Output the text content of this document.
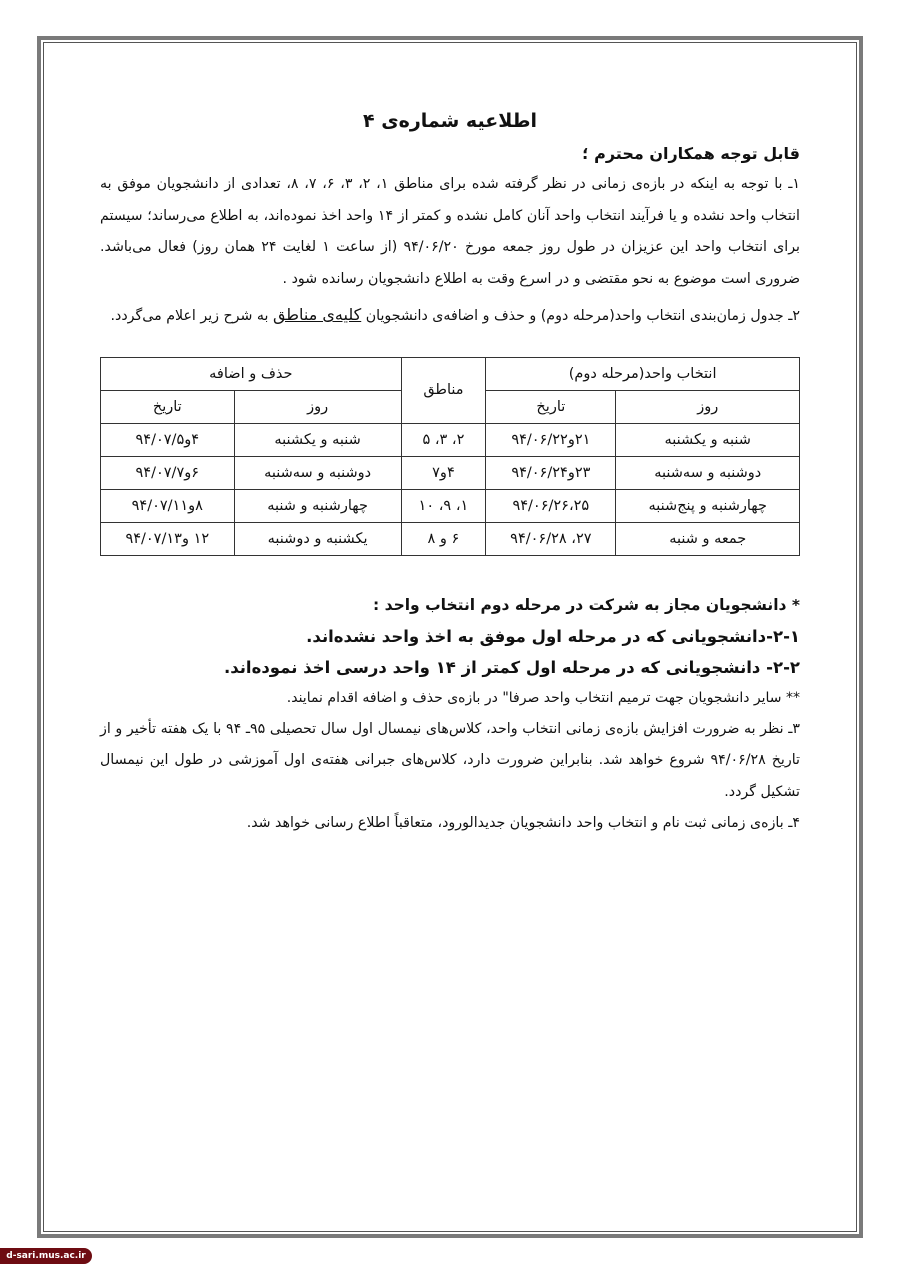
اطلاعیه شماره‌ی ۴

قابل توجه همکاران محترم ؛

۱ـ با توجه به اینکه در بازه‌ی زمانی در نظر گرفته شده برای مناطق ۱، ۲، ۳، ۶، ۷، ۸، تعدادی از دانشجویان موفق به انتخاب واحد نشده و یا فرآیند انتخاب واحد آنان کامل نشده و کمتر از ۱۴ واحد اخذ نموده‌اند، به اطلاع می‌رساند؛ سیستم برای انتخاب واحد این عزیزان در طول روز جمعه مورخ ۹۴/۰۶/۲۰ (از ساعت ۱ لغایت ۲۴ همان روز) فعال می‌باشد. ضروری است موضوع به نحو مقتضی و در اسرع وقت به اطلاع دانشجویان رسانده شود .

۲ـ جدول زمان‌بندی انتخاب واحد(مرحله دوم) و حذف و اضافه‌ی دانشجویان کلیه‌ی مناطق به شرح زیر اعلام می‌گردد.

انتخاب واحد(مرحله دوم)		مناطق	حذف و اضافه	
روز	تاریخ		روز	تاریخ
شنبه و یکشنبه	۲۱و۹۴/۰۶/۲۲	۲، ۳، ۵	شنبه و یکشنبه	۴و۹۴/۰۷/۵
دوشنبه و سه‌شنبه	۲۳و۹۴/۰۶/۲۴	۴و۷	دوشنبه و سه‌شنبه	۶و۹۴/۰۷/۷
چهارشنبه و پنج‌شنبه	۹۴/۰۶/۲۶،۲۵	۱، ۹، ۱۰	چهارشنبه و شنبه	۸و۹۴/۰۷/۱۱
جمعه و شنبه	۲۷، ۹۴/۰۶/۲۸	۶ و ۸	یکشنبه و دوشنبه	۱۲ و۹۴/۰۷/۱۳

* دانشجویان مجاز به شرکت در مرحله دوم انتخاب واحد :

۲-۱-دانشجویانی که در مرحله اول موفق به اخذ واحد نشده‌اند.

۲-۲- دانشجویانی که در مرحله اول کمتر از ۱۴ واحد درسی اخذ نموده‌اند.

** سایر دانشجویان جهت ترمیم انتخاب واحد صرفا" در بازه‌ی حذف و اضافه اقدام نمایند.

۳ـ نظر به ضرورت افزایش بازه‌ی زمانی انتخاب واحد، کلاس‌های نیمسال اول سال تحصیلی ۹۵ـ ۹۴ با یک هفته تأخیر و از تاریخ ۹۴/۰۶/۲۸ شروع خواهد شد. بنابراین ضرورت دارد، کلاس‌های جبرانی هفته‌ی اول آموزشی در طول این نیمسال تشکیل گردد.

۴ـ بازه‌ی زمانی ثبت نام و انتخاب واحد دانشجویان جدیدالورود، متعاقباً اطلاع رسانی خواهد شد.

d-sari.mus.ac.ir
